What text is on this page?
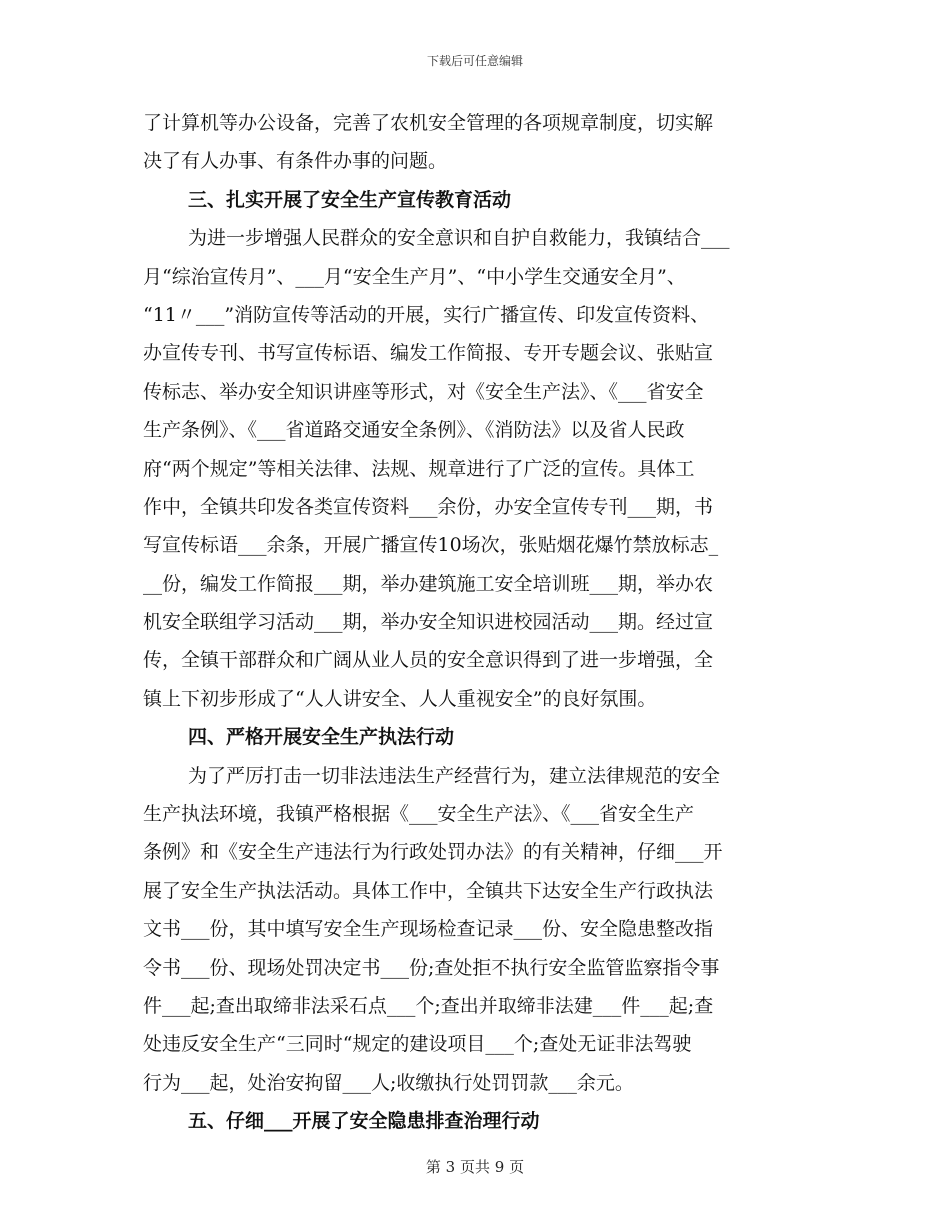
下载后可任意编辑
了计算机等办公设备，完善了农机安全管理的各项规章制度，切实解
决了有人办事、有条件办事的问题。
三、扎实开展了安全生产宣传教育活动
为进一步增强人民群众的安全意识和自护自救能力，我镇结合___
月“综治宣传月”、___月“安全生产月”、“中小学生交通安全月”、
“11〃___”消防宣传等活动的开展，实行广播宣传、印发宣传资料、
办宣传专刊、书写宣传标语、编发工作简报、专开专题会议、张贴宣
传标志、举办安全知识讲座等形式，对《安全生产法》、《___省安全
生产条例》、《___省道路交通安全条例》、《消防法》以及省人民政
府“两个规定”等相关法律、法规、规章进行了广泛的宣传。具体工
作中，全镇共印发各类宣传资料___余份，办安全宣传专刊___期，书
写宣传标语___余条，开展广播宣传10场次，张贴烟花爆竹禁放标志_
__份，编发工作简报___期，举办建筑施工安全培训班___期，举办农
机安全联组学习活动___期，举办安全知识进校园活动___期。经过宣
传，全镇干部群众和广阔从业人员的安全意识得到了进一步增强，全
镇上下初步形成了“人人讲安全、人人重视安全”的良好氛围。
四、严格开展安全生产执法行动
为了严厉打击一切非法违法生产经营行为，建立法律规范的安全
生产执法环境，我镇严格根据《___安全生产法》、《___省安全生产
条例》和《安全生产违法行为行政处罚办法》的有关精神，仔细___开
展了安全生产执法活动。具体工作中，全镇共下达安全生产行政执法
文书___份，其中填写安全生产现场检查记录___份、安全隐患整改指
令书___份、现场处罚决定书___份;查处拒不执行安全监管监察指令事
件___起;查出取缔非法采石点___个;查出并取缔非法建___件___起;查
处违反安全生产“三同时“规定的建设项目___个;查处无证非法驾驶
行为___起，处治安拘留___人;收缴执行处罚罚款___余元。
五、仔细___开展了安全隐患排查治理行动
第 3 页共 9 页
